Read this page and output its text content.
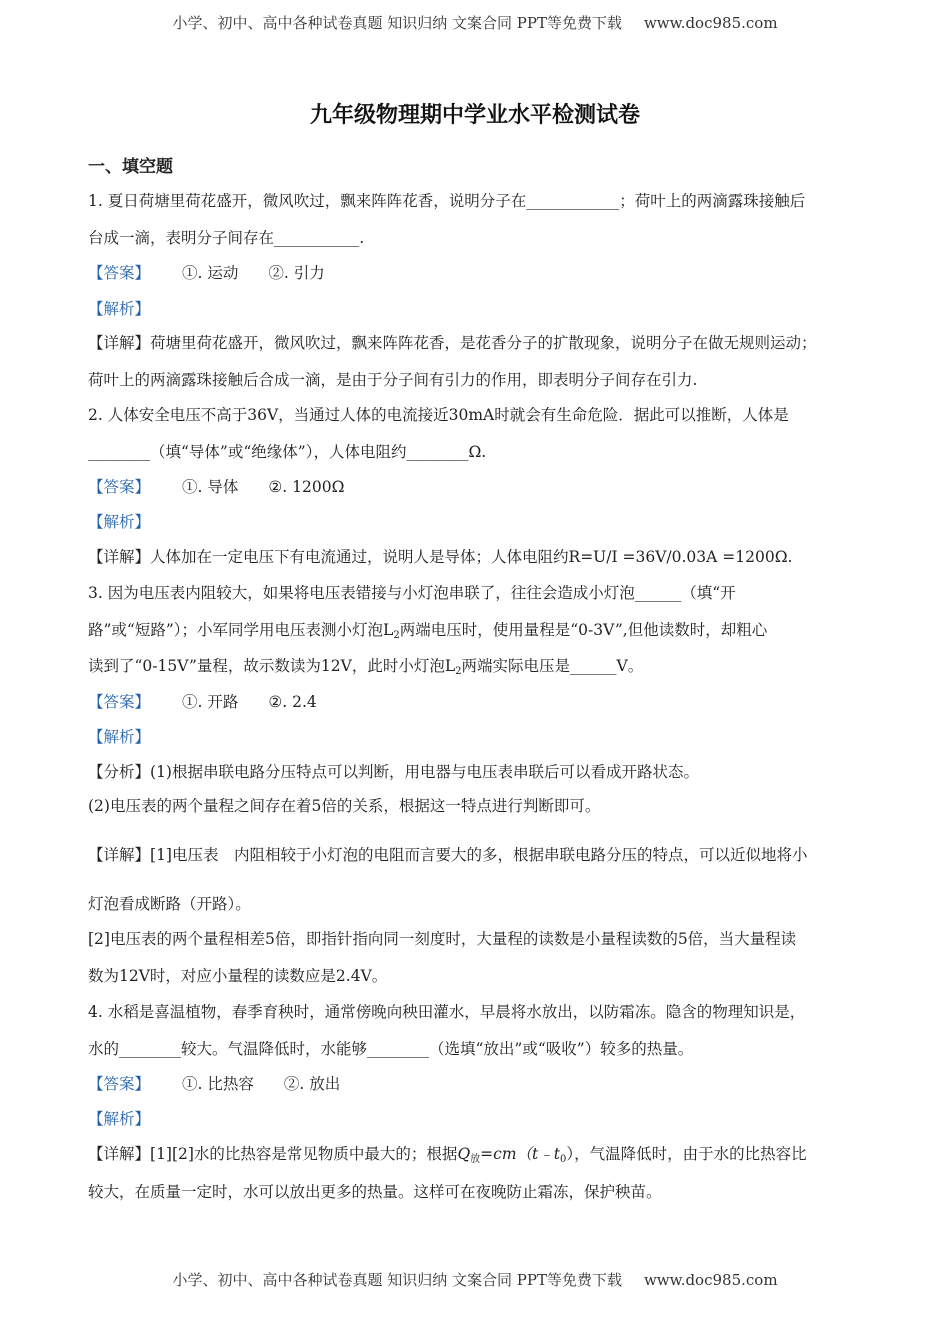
小学、初中、高中各种试卷真题 知识归纳 文案合同 PPT等免费下载 www.doc985.com
九年级物理期中学业水平检测试卷
一、填空题
1. 夏日荷塘里荷花盛开，微风吹过，飘来阵阵花香，说明分子在____________；荷叶上的两滴露珠接触后
台成一滴，表明分子间存在___________.
【答案】 ①. 运动 ②. 引力
【解析】
【详解】荷塘里荷花盛开，微风吹过，飘来阵阵花香，是花香分子的扩散现象，说明分子在做无规则运动；
荷叶上的两滴露珠接触后合成一滴，是由于分子间有引力的作用，即表明分子间存在引力.
2. 人体安全电压不高于36V，当通过人体的电流接近30mA时就会有生命危险．据此可以推断，人体是
________（填“导体”或“绝缘体”），人体电阻约________Ω.
【答案】 ①. 导体 ②. 1200Ω
【解析】
【详解】人体加在一定电压下有电流通过，说明人是导体；人体电阻约R=U/I =36V/0.03A =1200Ω.
3. 因为电压表内阻较大，如果将电压表错接与小灯泡串联了，往往会造成小灯泡______（填“开
路”或“短路”）；小军同学用电压表测小灯泡$L_2$两端电压时，使用量程是“0-3V”,但他读数时，却粗心
读到了“0-15V”量程，故示数读为12V，此时小灯泡$L_2$两端实际电压是______V。
【答案】 ①. 开路 ②. 2.4
【解析】
【分析】(1)根据串联电路分压特点可以判断，用电器与电压表串联后可以看成开路状态。
(2)电压表的两个量程之间存在着5倍的关系，根据这一特点进行判断即可。
【详解】[1]电压表　内阻相较于小灯泡的电阻而言要大的多，根据串联电路分压的特点，可以近似地将小
灯泡看成断路（开路）。
[2]电压表的两个量程相差5倍，即指针指向同一刻度时，大量程的读数是小量程读数的5倍，当大量程读
数为12V时，对应小量程的读数应是2.4V。
4. 水稻是喜温植物，春季育秧时，通常傍晚向秧田灌水，早晨将水放出，以防霜冻。隐含的物理知识是，
水的________较大。气温降低时，水能够________（选填“放出”或“吸收”）较多的热量。
【答案】 ①. 比热容 ②. 放出
【解析】
【详解】[1][2]水的比热容是常见物质中最大的；根据$Q_放=cm(t﹣t_0)$，气温降低时，由于水的比热容比
较大，在质量一定时，水可以放出更多的热量。这样可在夜晚防止霜冻，保护秧苗。
小学、初中、高中各种试卷真题 知识归纳 文案合同 PPT等免费下载 www.doc985.com
